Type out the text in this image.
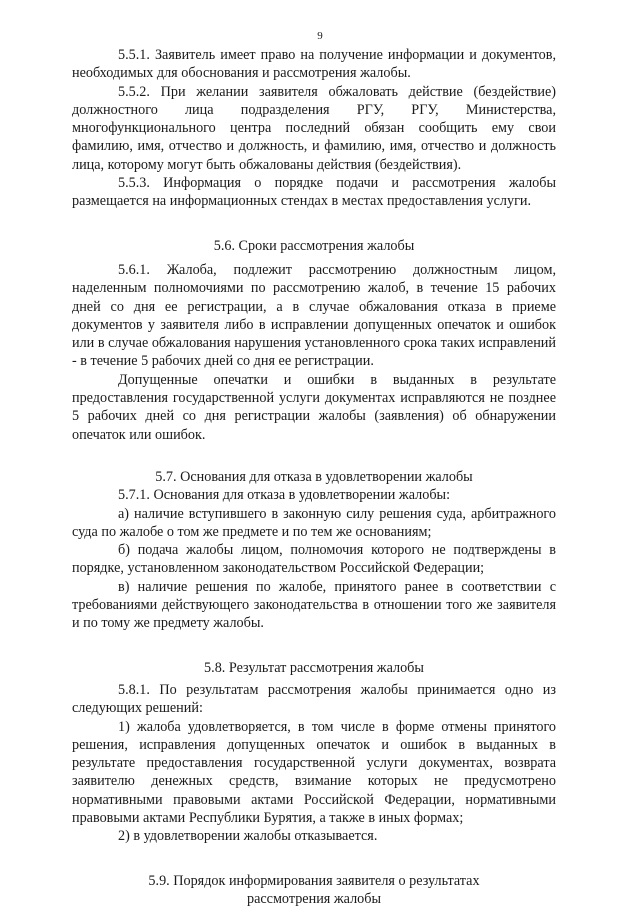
9

5.5.1. Заявитель имеет право на получение информации и документов, необходимых для обоснования и рассмотрения жалобы.

5.5.2. При желании заявителя обжаловать действие (бездействие) должностного лица подразделения РГУ, РГУ, Министерства, многофункционального центра последний обязан сообщить ему свои фамилию, имя, отчество и должность, и фамилию, имя, отчество и должность лица, которому могут быть обжалованы действия (бездействия).

5.5.3. Информация о порядке подачи и рассмотрения жалобы размещается на информационных стендах в местах предоставления услуги.

5.6. Сроки рассмотрения жалобы

5.6.1. Жалоба, подлежит рассмотрению должностным лицом, наделенным полномочиями по рассмотрению жалоб, в течение 15 рабочих дней со дня ее регистрации, а в случае обжалования отказа в приеме документов у заявителя либо в исправлении допущенных опечаток и ошибок или в случае обжалования нарушения установленного срока таких исправлений - в течение 5 рабочих дней со дня ее регистрации.

Допущенные опечатки и ошибки в выданных в результате предоставления государственной услуги документах исправляются не позднее 5 рабочих дней со дня регистрации жалобы (заявления) об обнаружении опечаток или ошибок.

5.7. Основания для отказа в удовлетворении жалобы

5.7.1. Основания для отказа в удовлетворении жалобы:

а) наличие вступившего в законную силу решения суда, арбитражного суда по жалобе о том же предмете и по тем же основаниям;

б) подача жалобы лицом, полномочия которого не подтверждены в порядке, установленном законодательством Российской Федерации;

в) наличие решения по жалобе, принятого ранее в соответствии с требованиями действующего законодательства в отношении того же заявителя и по тому же предмету жалобы.

5.8. Результат рассмотрения жалобы

5.8.1. По результатам рассмотрения жалобы принимается одно из следующих решений:

1) жалоба удовлетворяется, в том числе в форме отмены принятого решения, исправления допущенных опечаток и ошибок в выданных в результате предоставления государственной услуги документах, возврата заявителю денежных средств, взимание которых не предусмотрено нормативными правовыми актами Российской Федерации, нормативными правовыми актами Республики Бурятия, а также в иных формах;

2) в удовлетворении жалобы отказывается.

5.9. Порядок информирования заявителя о результатах
рассмотрения жалобы
